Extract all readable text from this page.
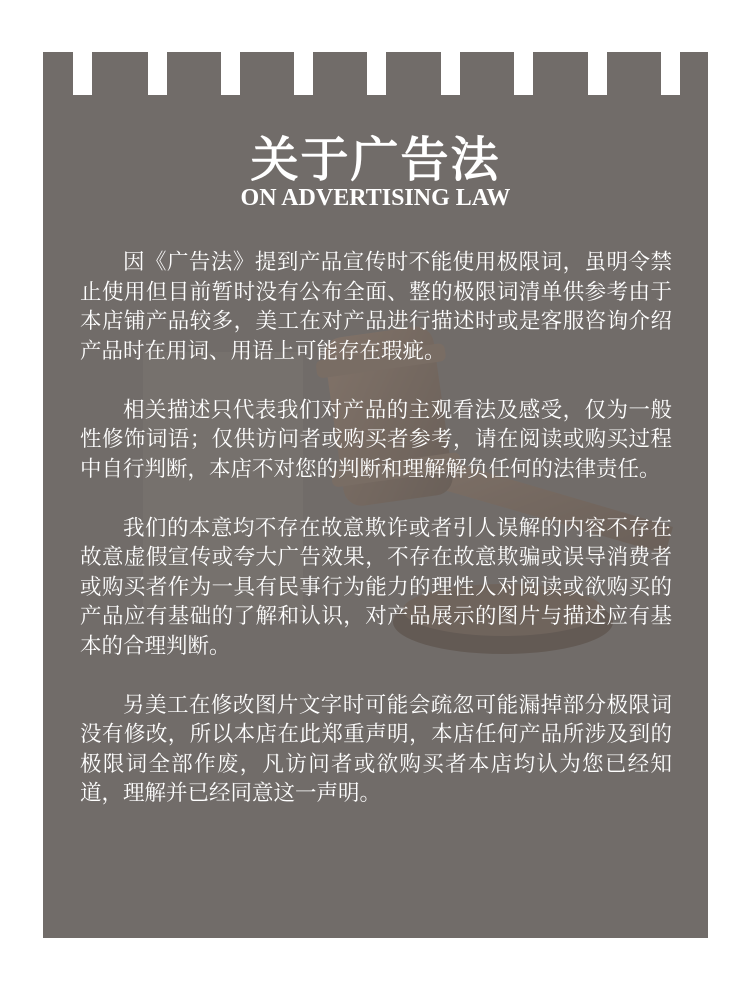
关于广告法
ON ADVERTISING LAW

因《广告法》提到产品宣传时不能使用极限词，虽明令禁止使用但目前暂时没有公布全面、整的极限词清单供参考由于本店铺产品较多，美工在对产品进行描述时或是客服咨询介绍产品时在用词、用语上可能存在瑕疵。

相关描述只代表我们对产品的主观看法及感受，仅为一般性修饰词语；仅供访问者或购买者参考，请在阅读或购买过程中自行判断，本店不对您的判断和理解解负任何的法律责任。

我们的本意均不存在故意欺诈或者引人误解的内容不存在故意虚假宣传或夸大广告效果，不存在故意欺骗或误导消费者或购买者作为一具有民事行为能力的理性人对阅读或欲购买的产品应有基础的了解和认识，对产品展示的图片与描述应有基本的合理判断。

另美工在修改图片文字时可能会疏忽可能漏掉部分极限词没有修改，所以本店在此郑重声明，本店任何产品所涉及到的极限词全部作废，凡访问者或欲购买者本店均认为您已经知道，理解并已经同意这一声明。
